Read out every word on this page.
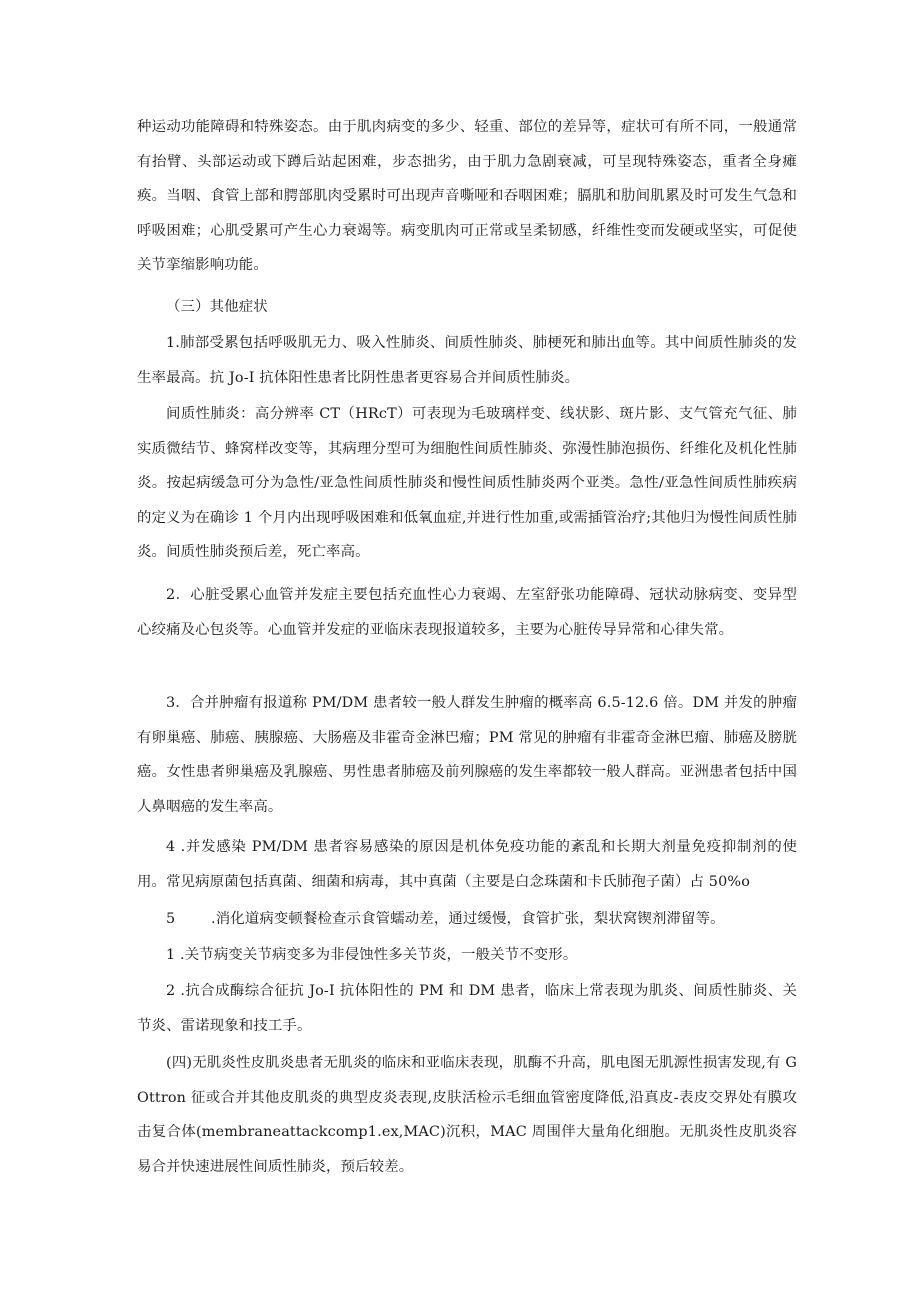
种运动功能障碍和特殊姿态。由于肌肉病变的多少、轻重、部位的差异等，症状可有所不同，一般通常有抬臂、头部运动或下蹲后站起困难，步态拙劣，由于肌力急剧衰减，可呈现特殊姿态，重者全身瘫痪。当咽、食管上部和腭部肌肉受累时可出现声音嘶哑和吞咽困难；膈肌和肋间肌累及时可发生气急和呼吸困难；心肌受累可产生心力衰竭等。病变肌肉可正常或呈柔韧感，纤维性变而发硬或坚实，可促使关节挛缩影响功能。

（三）其他症状

1.肺部受累包括呼吸肌无力、吸入性肺炎、间质性肺炎、肺梗死和肺出血等。其中间质性肺炎的发生率最高。抗 Jo-I 抗体阳性患者比阴性患者更容易合并间质性肺炎。

间质性肺炎：高分辨率 CT（HRcT）可表现为毛玻璃样变、线状影、斑片影、支气管充气征、肺实质微结节、蜂窝样改变等，其病理分型可为细胞性间质性肺炎、弥漫性肺泡损伤、纤维化及机化性肺炎。按起病缓急可分为急性/亚急性间质性肺炎和慢性间质性肺炎两个亚类。急性/亚急性间质性肺疾病的定义为在确诊 1 个月内出现呼吸困难和低氧血症,并进行性加重,或需插管治疗;其他归为慢性间质性肺炎。间质性肺炎预后差，死亡率高。

2．心脏受累心血管并发症主要包括充血性心力衰竭、左室舒张功能障碍、冠状动脉病变、变异型心绞痛及心包炎等。心血管并发症的亚临床表现报道较多，主要为心脏传导异常和心律失常。

3．合并肿瘤有报道称 PM/DM 患者较一般人群发生肿瘤的概率高 6.5-12.6 倍。DM 并发的肿瘤有卵巢癌、肺癌、胰腺癌、大肠癌及非霍奇金淋巴瘤；PM 常见的肿瘤有非霍奇金淋巴瘤、肺癌及膀胱癌。女性患者卵巢癌及乳腺癌、男性患者肺癌及前列腺癌的发生率都较一般人群高。亚洲患者包括中国人鼻咽癌的发生率高。

4 .并发感染 PM/DM 患者容易感染的原因是机体免疫功能的紊乱和长期大剂量免疫抑制剂的使用。常见病原菌包括真菌、细菌和病毒，其中真菌（主要是白念珠菌和卡氏肺孢子菌）占 50%o

5 .消化道病变顿餐检查示食管蠕动差，通过缓慢，食管扩张，梨状窝锲剂滞留等。

1 .关节病变关节病变多为非侵蚀性多关节炎，一般关节不变形。

2 .抗合成酶综合征抗 Jo-I 抗体阳性的 PM 和 DM 患者，临床上常表现为肌炎、间质性肺炎、关节炎、雷诺现象和技工手。

(四)无肌炎性皮肌炎患者无肌炎的临床和亚临床表现，肌酶不升高，肌电图无肌源性损害发现,有 GOttron 征或合并其他皮肌炎的典型皮炎表现,皮肤活检示毛细血管密度降低,沿真皮-表皮交界处有膜攻击复合体(membraneattackcomp1.ex,MAC)沉积，MAC 周围伴大量角化细胞。无肌炎性皮肌炎容易合并快速进展性间质性肺炎，预后较差。
